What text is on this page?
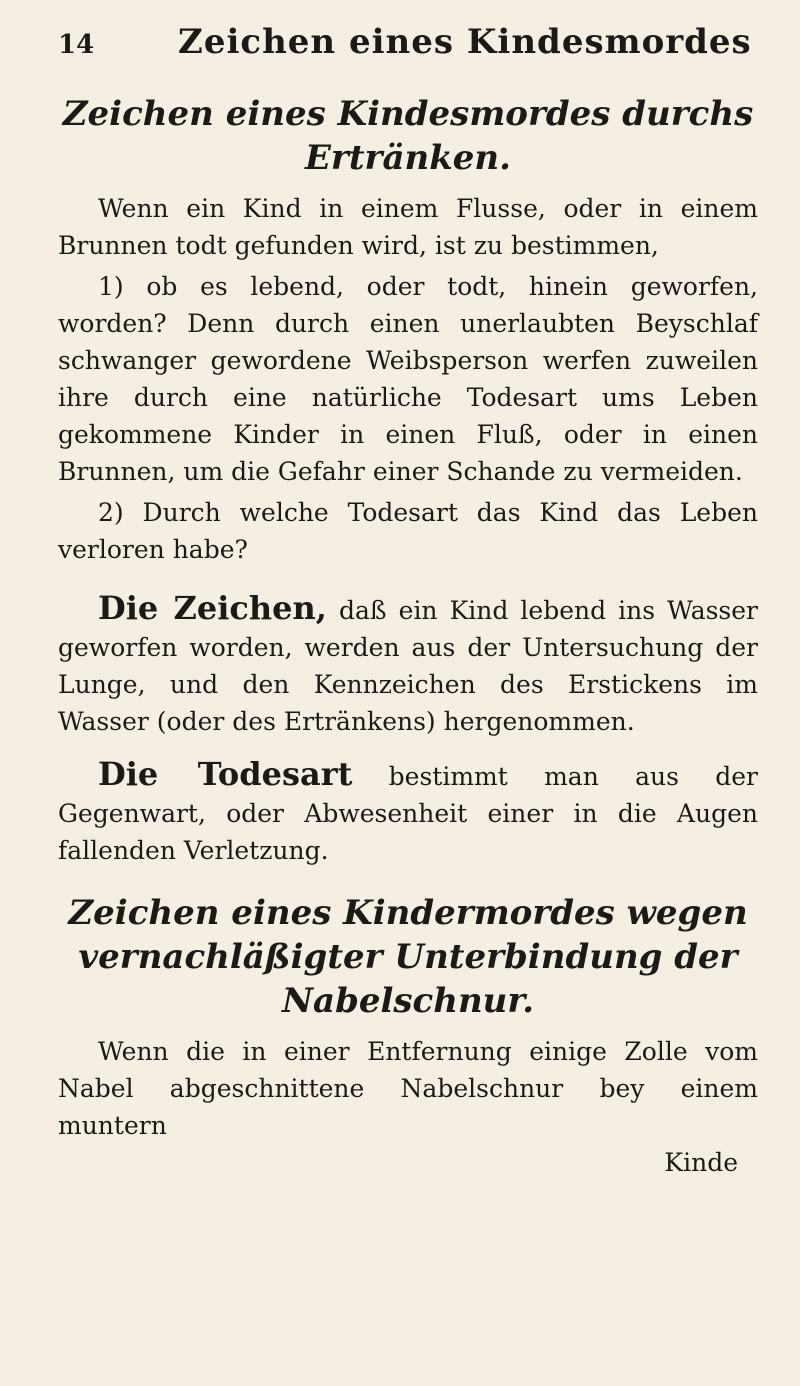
14	Zeichen eines Kindesmordes
Zeichen eines Kindesmordes durchs Ertränken.

Wenn ein Kind in einem Flusse, oder in einem Brunnen todt gefunden wird, ist zu bestimmen,

1) ob es lebend, oder todt, hinein geworfen, worden? Denn durch einen unerlaubten Beyschlaf schwanger gewordene Weibsperson werfen zuweilen ihre durch eine natürliche Todesart ums Leben gekommene Kinder in einen Fluß, oder in einen Brunnen, um die Gefahr einer Schande zu vermeiden.

2) Durch welche Todesart das Kind das Leben verloren habe?

Die Zeichen, daß ein Kind lebend ins Wasser geworfen worden, werden aus der Untersuchung der Lunge, und den Kennzeichen des Erstickens im Wasser (oder des Ertränkens) hergenommen.

Die Todesart bestimmt man aus der Gegenwart, oder Abwesenheit einer in die Augen fallenden Verletzung.

Zeichen eines Kindermordes wegen vernachläßigter Unterbindung der Nabelschnur.

Wenn die in einer Entfernung einige Zolle vom Nabel abgeschnittene Nabelschnur bey einem muntern

Kinde
